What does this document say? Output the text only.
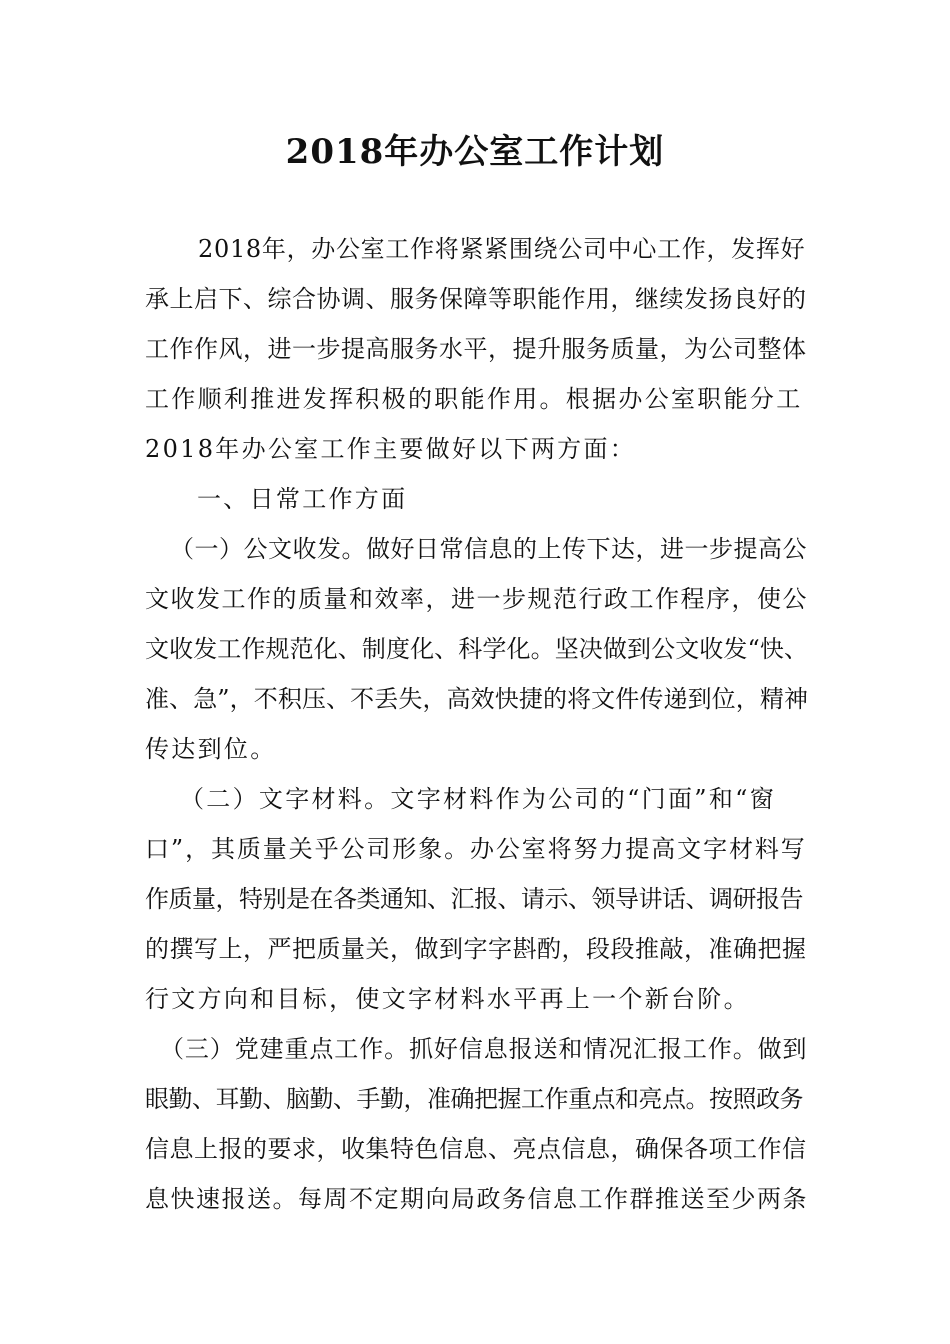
2018年办公室工作计划
2018年，办公室工作将紧紧围绕公司中心工作，发挥好
承上启下、综合协调、服务保障等职能作用，继续发扬良好的
工作作风，进一步提高服务水平，提升服务质量，为公司整体
工作顺利推进发挥积极的职能作用。根据办公室职能分工
2018年办公室工作主要做好以下两方面：
一、日常工作方面
（一）公文收发。做好日常信息的上传下达，进一步提高公
文收发工作的质量和效率，进一步规范行政工作程序，使公
文收发工作规范化、制度化、科学化。坚决做到公文收发“快、
准、急”，不积压、不丢失，高效快捷的将文件传递到位，精神
传达到位。
（二）文字材料。文字材料作为公司的“门面”和“窗
口”，其质量关乎公司形象。办公室将努力提高文字材料写
作质量，特别是在各类通知、汇报、请示、领导讲话、调研报告
的撰写上，严把质量关，做到字字斟酌，段段推敲，准确把握
行文方向和目标，使文字材料水平再上一个新台阶。
（三）党建重点工作。抓好信息报送和情况汇报工作。做到
眼勤、耳勤、脑勤、手勤，准确把握工作重点和亮点。按照政务
信息上报的要求，收集特色信息、亮点信息，确保各项工作信
息快速报送。每周不定期向局政务信息工作群推送至少两条
